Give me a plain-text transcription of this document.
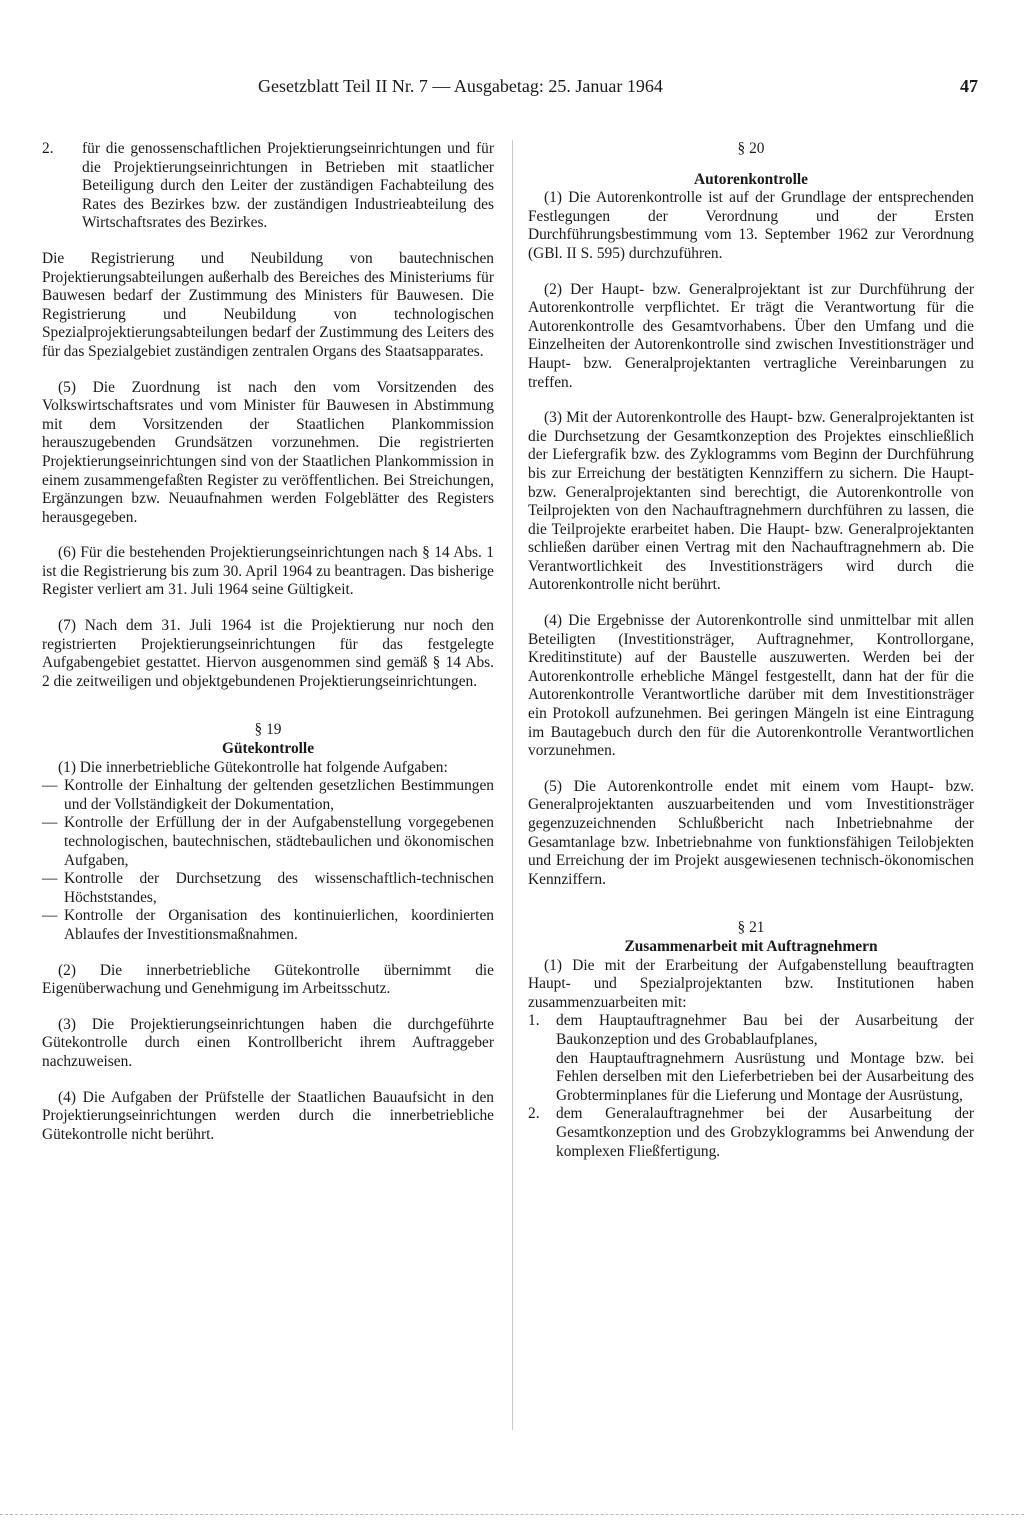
Gesetzblatt Teil II Nr. 7 — Ausgabetag: 25. Januar 1964	47

2. für die genossenschaftlichen Projektierungseinrichtungen und für die Projektierungseinrichtungen in Betrieben mit staatlicher Beteiligung durch den Leiter der zuständigen Fachabteilung des Rates des Bezirkes bzw. der zuständigen Industrieabteilung des Wirtschaftsrates des Bezirkes.

Die Registrierung und Neubildung von bautechnischen Projektierungsabteilungen außerhalb des Bereiches des Ministeriums für Bauwesen bedarf der Zustimmung des Ministers für Bauwesen. Die Registrierung und Neubildung von technologischen Spezialprojektierungsabteilungen bedarf der Zustimmung des Leiters des für das Spezialgebiet zuständigen zentralen Organs des Staatsapparates.

(5) Die Zuordnung ist nach den vom Vorsitzenden des Volkswirtschaftsrates und vom Minister für Bauwesen in Abstimmung mit dem Vorsitzenden der Staatlichen Plankommission herauszugebenden Grundsätzen vorzunehmen. Die registrierten Projektierungseinrichtungen sind von der Staatlichen Plankommission in einem zusammengefaßten Register zu veröffentlichen. Bei Streichungen, Ergänzungen bzw. Neuaufnahmen werden Folgeblätter des Registers herausgegeben.

(6) Für die bestehenden Projektierungseinrichtungen nach § 14 Abs. 1 ist die Registrierung bis zum 30. April 1964 zu beantragen. Das bisherige Register verliert am 31. Juli 1964 seine Gültigkeit.

(7) Nach dem 31. Juli 1964 ist die Projektierung nur noch den registrierten Projektierungseinrichtungen für das festgelegte Aufgabengebiet gestattet. Hiervon ausgenommen sind gemäß § 14 Abs. 2 die zeitweiligen und objektgebundenen Projektierungseinrichtungen.

§ 19

Gütekontrolle

(1) Die innerbetriebliche Gütekontrolle hat folgende Aufgaben:

— Kontrolle der Einhaltung der geltenden gesetzlichen Bestimmungen und der Vollständigkeit der Dokumentation,

— Kontrolle der Erfüllung der in der Aufgabenstellung vorgegebenen technologischen, bautechnischen, städtebaulichen und ökonomischen Aufgaben,

— Kontrolle der Durchsetzung des wissenschaftlich-technischen Höchststandes,

— Kontrolle der Organisation des kontinuierlichen, koordinierten Ablaufes der Investitionsmaßnahmen.

(2) Die innerbetriebliche Gütekontrolle übernimmt die Eigenüberwachung und Genehmigung im Arbeitsschutz.

(3) Die Projektierungseinrichtungen haben die durchgeführte Gütekontrolle durch einen Kontrollbericht ihrem Auftraggeber nachzuweisen.

(4) Die Aufgaben der Prüfstelle der Staatlichen Bauaufsicht in den Projektierungseinrichtungen werden durch die innerbetriebliche Gütekontrolle nicht berührt.

§ 20

Autorenkontrolle

(1) Die Autorenkontrolle ist auf der Grundlage der entsprechenden Festlegungen der Verordnung und der Ersten Durchführungsbestimmung vom 13. September 1962 zur Verordnung (GBl. II S. 595) durchzuführen.

(2) Der Haupt- bzw. Generalprojektant ist zur Durchführung der Autorenkontrolle verpflichtet. Er trägt die Verantwortung für die Autorenkontrolle des Gesamtvorhabens. Über den Umfang und die Einzelheiten der Autorenkontrolle sind zwischen Investitionsträger und Haupt- bzw. Generalprojektanten vertragliche Vereinbarungen zu treffen.

(3) Mit der Autorenkontrolle des Haupt- bzw. Generalprojektanten ist die Durchsetzung der Gesamtkonzeption des Projektes einschließlich der Liefergrafik bzw. des Zyklogramms vom Beginn der Durchführung bis zur Erreichung der bestätigten Kennziffern zu sichern. Die Haupt- bzw. Generalprojektanten sind berechtigt, die Autorenkontrolle von Teilprojekten von den Nachauftragnehmern durchführen zu lassen, die die Teilprojekte erarbeitet haben. Die Haupt- bzw. Generalprojektanten schließen darüber einen Vertrag mit den Nachauftragnehmern ab. Die Verantwortlichkeit des Investitionsträgers wird durch die Autorenkontrolle nicht berührt.

(4) Die Ergebnisse der Autorenkontrolle sind unmittelbar mit allen Beteiligten (Investitionsträger, Auftragnehmer, Kontrollorgane, Kreditinstitute) auf der Baustelle auszuwerten. Werden bei der Autorenkontrolle erhebliche Mängel festgestellt, dann hat der für die Autorenkontrolle Verantwortliche darüber mit dem Investitionsträger ein Protokoll aufzunehmen. Bei geringen Mängeln ist eine Eintragung im Bautagebuch durch den für die Autorenkontrolle Verantwortlichen vorzunehmen.

(5) Die Autorenkontrolle endet mit einem vom Haupt- bzw. Generalprojektanten auszuarbeitenden und vom Investitionsträger gegenzuzeichnenden Schlußbericht nach Inbetriebnahme der Gesamtanlage bzw. Inbetriebnahme von funktionsfähigen Teilobjekten und Erreichung der im Projekt ausgewiesenen technisch-ökonomischen Kennziffern.

§ 21

Zusammenarbeit mit Auftragnehmern

(1) Die mit der Erarbeitung der Aufgabenstellung beauftragten Haupt- und Spezialprojektanten bzw. Institutionen haben zusammenzuarbeiten mit:

1. dem Hauptauftragnehmer Bau bei der Ausarbeitung der Baukonzeption und des Grobablaufplanes,

den Hauptauftragnehmern Ausrüstung und Montage bzw. bei Fehlen derselben mit den Lieferbetrieben bei der Ausarbeitung des Grobterminplanes für die Lieferung und Montage der Ausrüstung,

2. dem Generalauftragnehmer bei der Ausarbeitung der Gesamtkonzeption und des Grobzyklogramms bei Anwendung der komplexen Fließfertigung.
